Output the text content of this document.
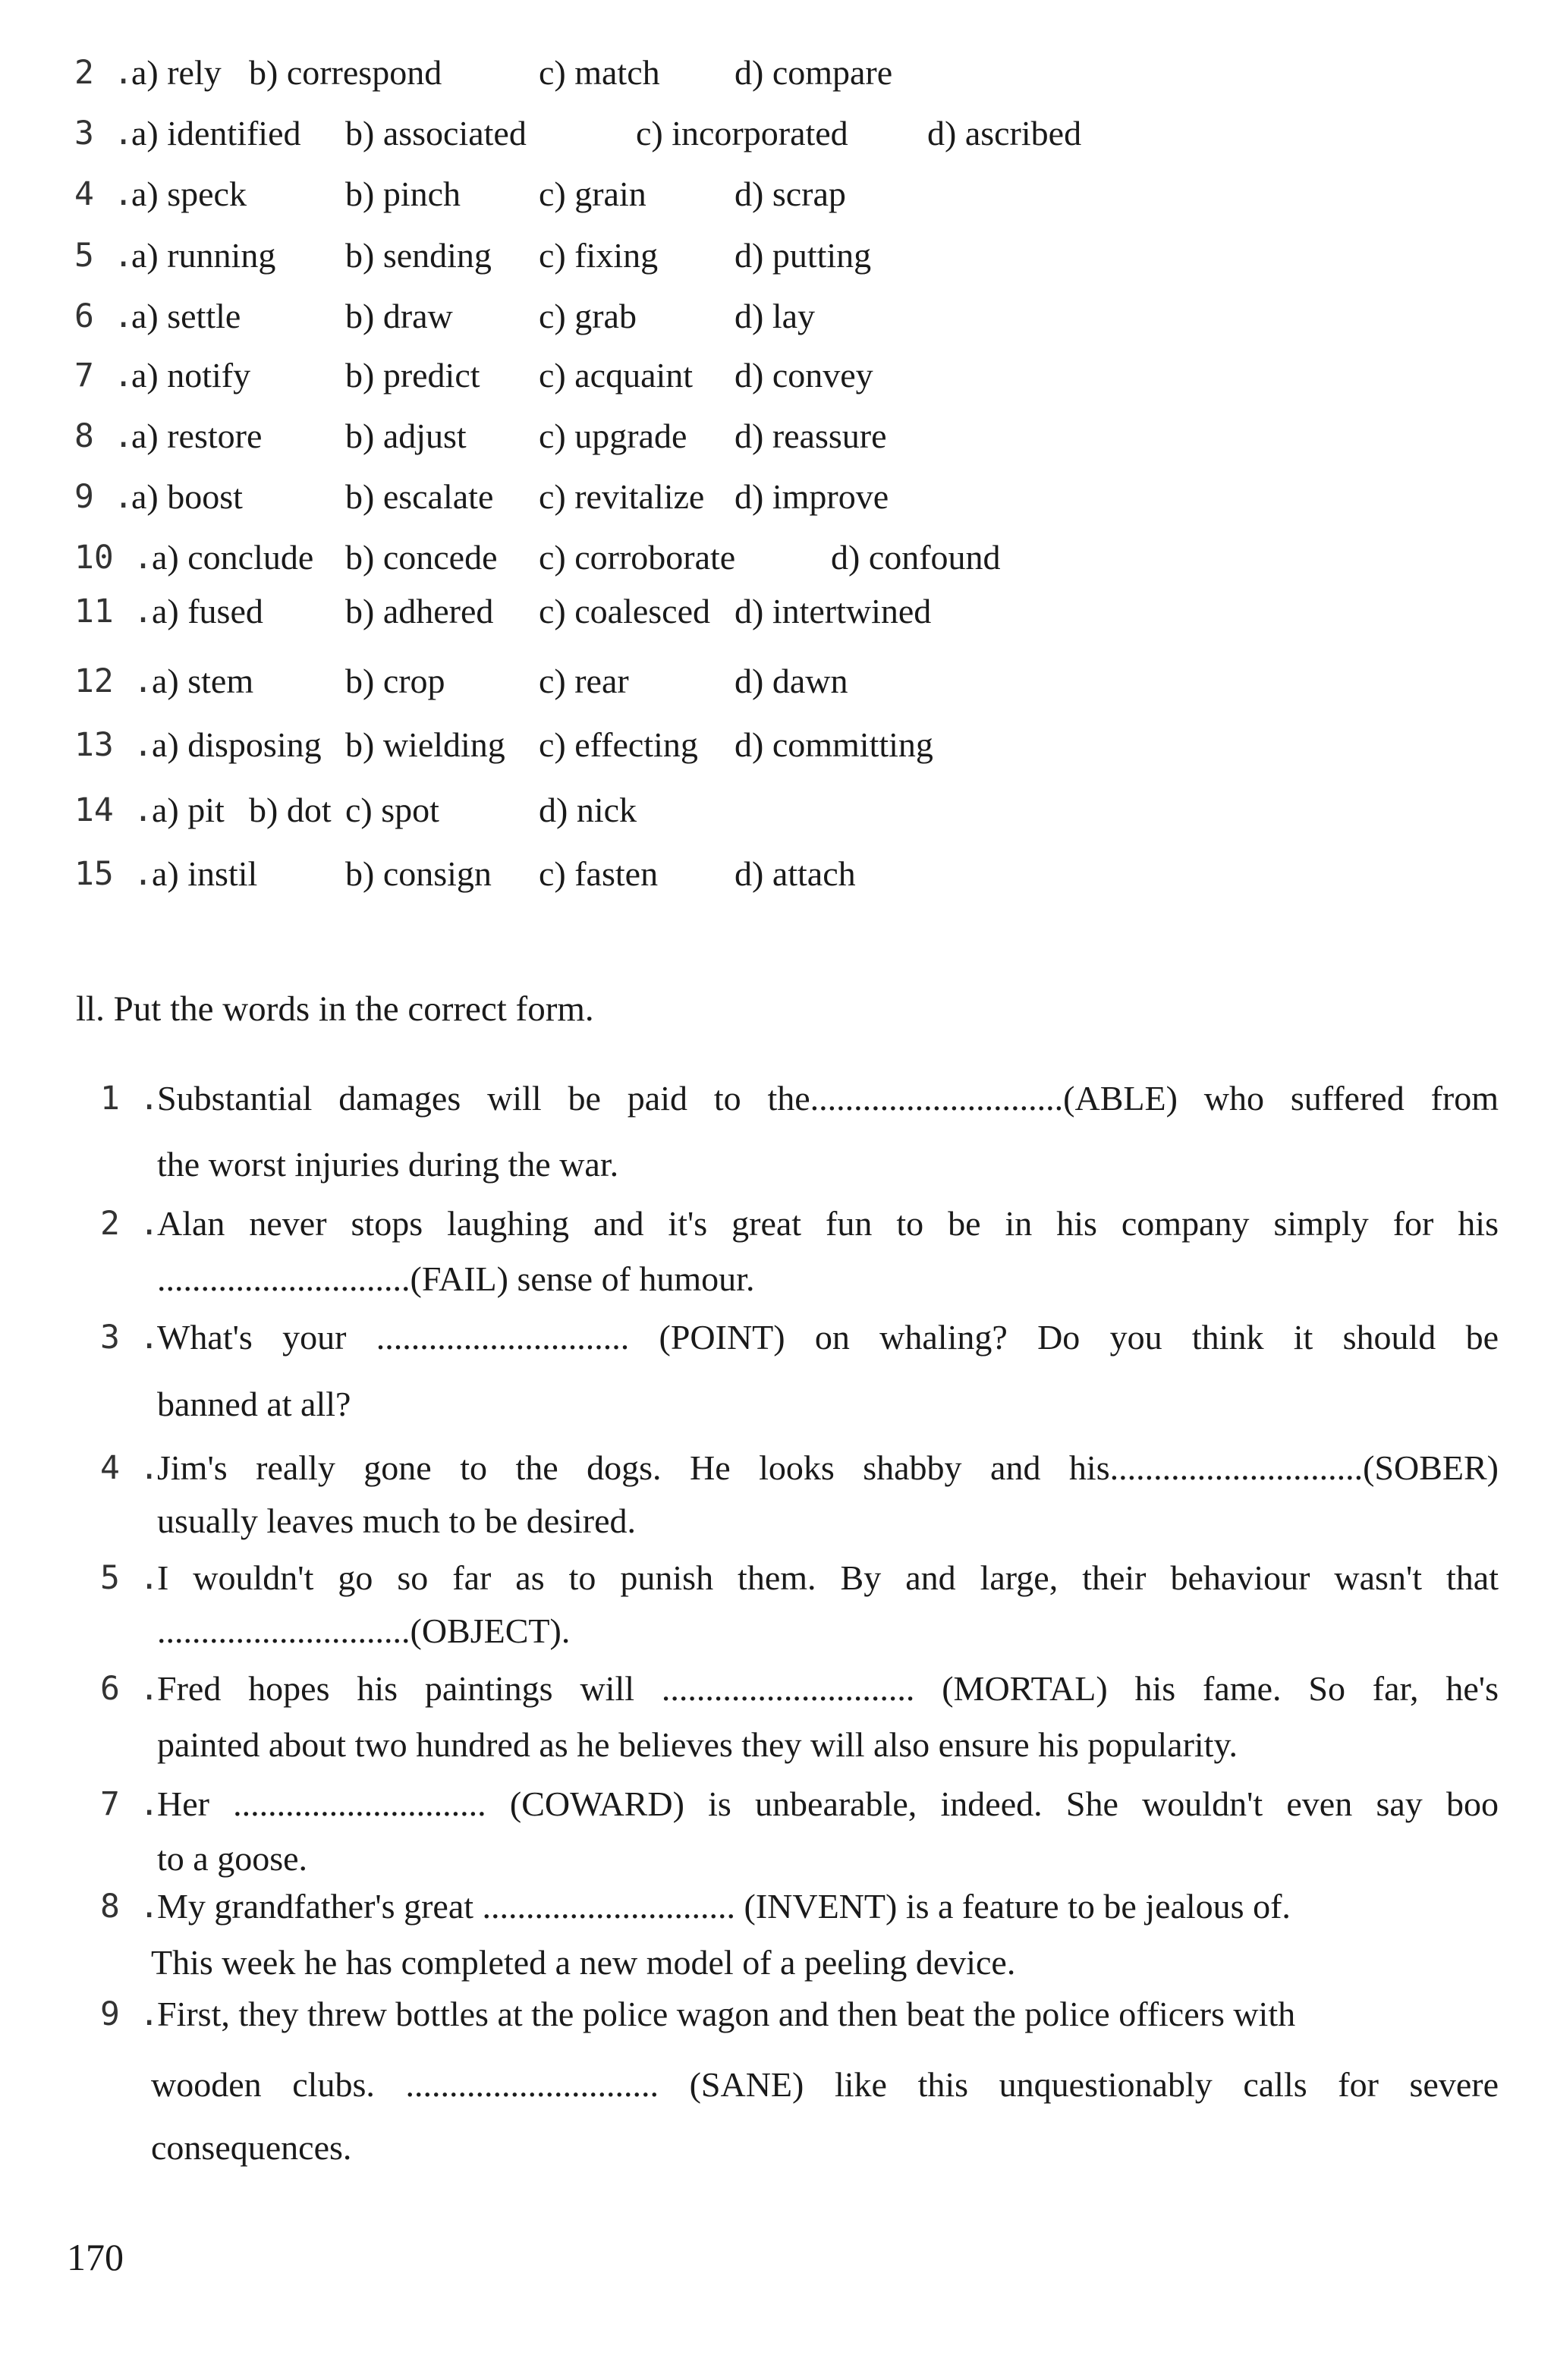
2 .
a) rely b) correspond	c) match d) compare
3 .
a) identified b) associated	c) incorporated d) ascribed
4 .
a) speck	b) pinch c) grain	d) scrap
5 .
a) running b) sending c) fixing d) putting
6 .
a) settle	b) draw c) grab	d) lay
7 .
a) notify	b) predict c) acquaint d) convey
8 .
a) restore b) adjust c) upgrade d) reassure
9 .
a) boost	b) escalate c) revitalize d) improve
10 .
a) conclude b) concede c) corroborate	d) confound
11 .
a) fused b) adhered c) coalesced d) intertwined
12 .
a) stem	b) crop	c) rear	d) dawn
13 .
a) disposing b) wielding c) effecting d) committing
14 .
a) pit b) dot c) spot	d) nick
15 .
a) instil	b) consign c) fasten d) attach
ll. Put the words in the correct form.
1 .
Substantial damages will be paid to the.............................(ABLE) who suffered from
the worst injuries during the war.
2 .
Alan never stops laughing and it's great fun to be in his company simply for his
.............................(FAIL) sense of humour.
3 .
What's your ............................. (POINT) on whaling? Do you think it should be
banned at all?
4 .
Jim's really gone to the dogs. He looks shabby and his.............................(SOBER)
usually leaves much to be desired.
5 .
I wouldn't go so far as to punish them. By and large, their behaviour wasn't that
.............................(OBJECT).
6 .
Fred hopes his paintings will ............................. (MORTAL) his fame. So far, he's
painted about two hundred as he believes they will also ensure his popularity.
7 .
Her ............................. (COWARD) is unbearable, indeed. She wouldn't even say boo
to a goose.
8 .
My grandfather's great ............................. (INVENT) is a feature to be jealous of.
This week he has completed a new model of a peeling device.
9 .
First, they threw bottles at the police wagon and then beat the police officers with
wooden clubs. ............................. (SANE) like this unquestionably calls for severe
consequences.
170
